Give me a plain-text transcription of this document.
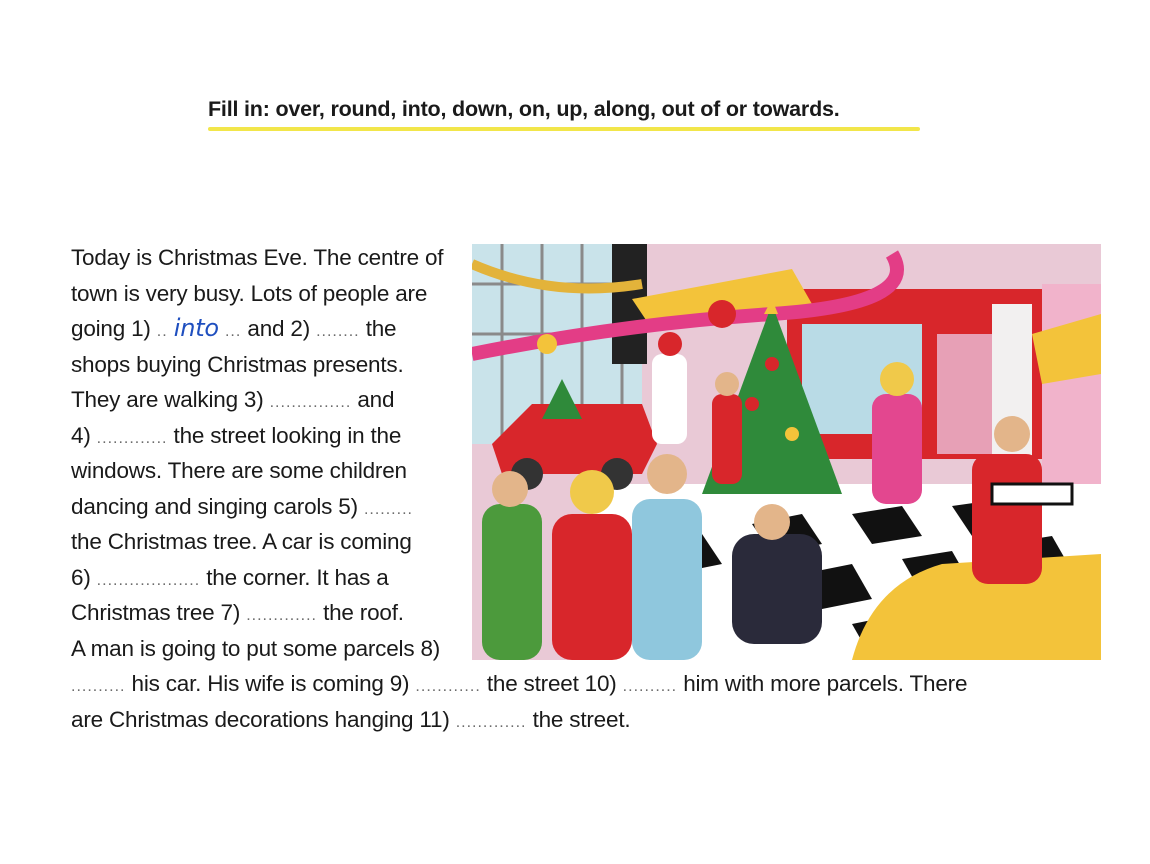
Fill in: over, round, into, down, on, up, along, out of or towards.
Today is Christmas Eve. The centre of
town is very busy. Lots of people are
going 1) .. into ... and 2) ........ the
shops buying Christmas presents.
They are walking 3) ............... and
4) ............. the street looking in the
windows. There are some children
dancing and singing carols 5) .........
the Christmas tree. A car is coming
6) ................... the corner. It has a
Christmas tree 7) ............. the roof.
A man is going to put some parcels 8)
.......... his car. His wife is coming 9) ............ the street 10) .......... him with more parcels. There
are Christmas decorations hanging 11) ............. the street.
